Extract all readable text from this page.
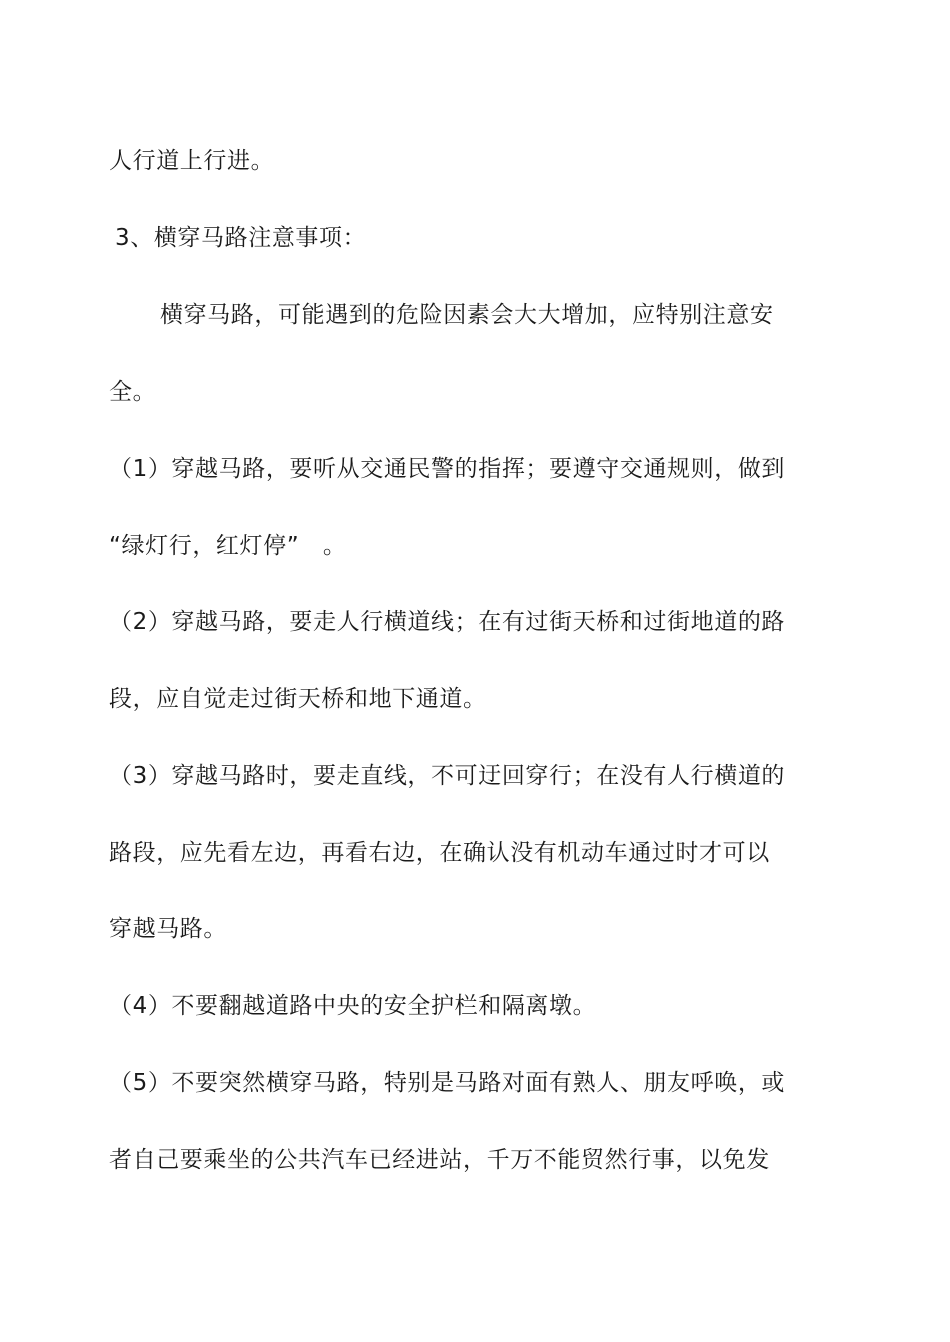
人行道上行进。
3、横穿马路注意事项：
横穿马路，可能遇到的危险因素会大大增加，应特别注意安
全。
（1）穿越马路，要听从交通民警的指挥；要遵守交通规则，做到
“绿灯行，红灯停”　。
（2）穿越马路，要走人行横道线；在有过街天桥和过街地道的路
段，应自觉走过街天桥和地下通道。
（3）穿越马路时，要走直线，不可迂回穿行；在没有人行横道的
路段，应先看左边，再看右边，在确认没有机动车通过时才可以
穿越马路。
（4）不要翻越道路中央的安全护栏和隔离墩。
（5）不要突然横穿马路，特别是马路对面有熟人、朋友呼唤，或
者自己要乘坐的公共汽车已经进站，千万不能贸然行事，以免发
